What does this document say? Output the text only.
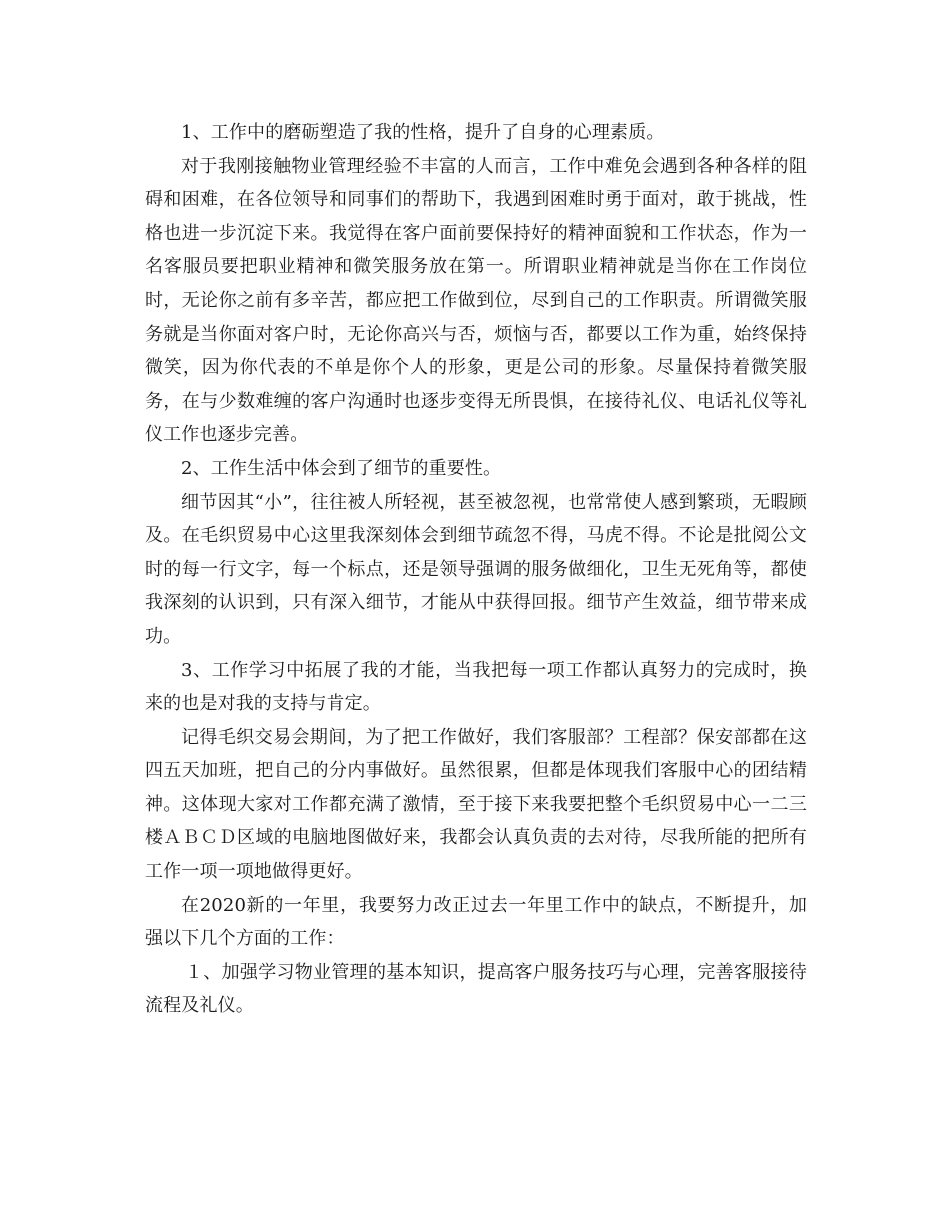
1、工作中的磨砺塑造了我的性格，提升了自身的心理素质。

对于我刚接触物业管理经验不丰富的人而言，工作中难免会遇到各种各样的阻碍和困难，在各位领导和同事们的帮助下，我遇到困难时勇于面对，敢于挑战，性格也进一步沉淀下来。我觉得在客户面前要保持好的精神面貌和工作状态，作为一名客服员要把职业精神和微笑服务放在第一。所谓职业精神就是当你在工作岗位时，无论你之前有多辛苦，都应把工作做到位，尽到自己的工作职责。所谓微笑服务就是当你面对客户时，无论你高兴与否，烦恼与否，都要以工作为重，始终保持微笑，因为你代表的不单是你个人的形象，更是公司的形象。尽量保持着微笑服务，在与少数难缠的客户沟通时也逐步变得无所畏惧，在接待礼仪、电话礼仪等礼仪工作也逐步完善。

2、工作生活中体会到了细节的重要性。

细节因其“小”，往往被人所轻视，甚至被忽视，也常常使人感到繁琐，无暇顾及。在毛织贸易中心这里我深刻体会到细节疏忽不得，马虎不得。不论是批阅公文时的每一行文字，每一个标点，还是领导强调的服务做细化，卫生无死角等，都使我深刻的认识到，只有深入细节，才能从中获得回报。细节产生效益，细节带来成功。

3、工作学习中拓展了我的才能，当我把每一项工作都认真努力的完成时，换来的也是对我的支持与肯定。

记得毛织交易会期间，为了把工作做好，我们客服部？工程部？保安部都在这四五天加班，把自己的分内事做好。虽然很累，但都是体现我们客服中心的团结精神。这体现大家对工作都充满了激情，至于接下来我要把整个毛织贸易中心一二三楼ＡＢＣＤ区域的电脑地图做好来，我都会认真负责的去对待，尽我所能的把所有工作一项一项地做得更好。

在2020新的一年里，我要努力改正过去一年里工作中的缺点，不断提升，加强以下几个方面的工作：

１、加强学习物业管理的基本知识，提高客户服务技巧与心理，完善客服接待流程及礼仪。
